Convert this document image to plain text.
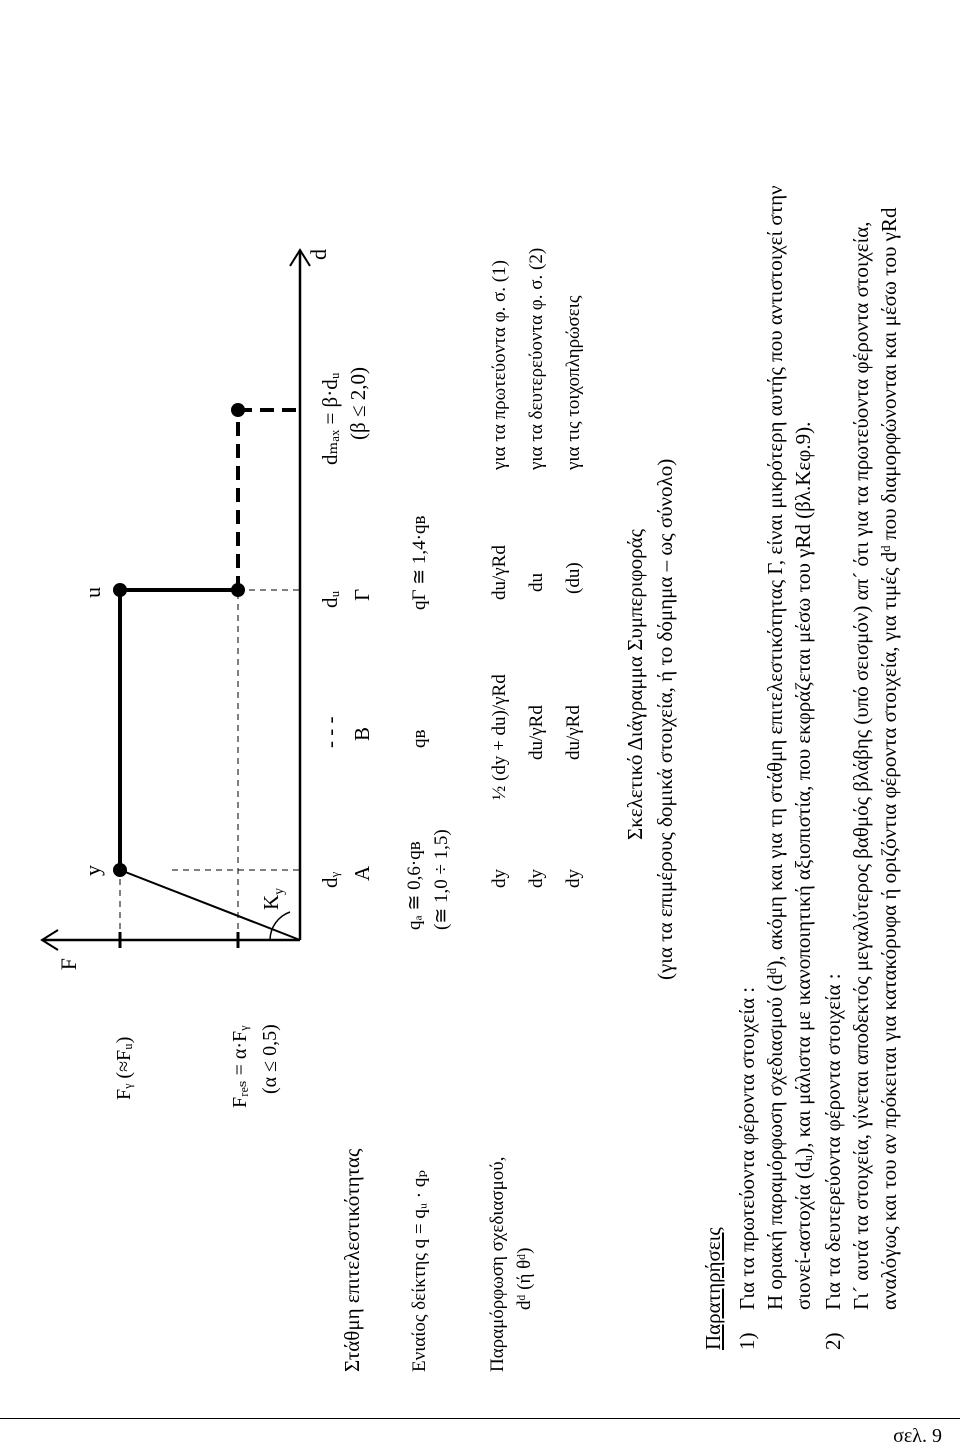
F
d
y
u
$K_y$
Fᵧ (≈Fᵤ)	Fᵣₑₛ = α·Fᵧ (α ≤ 0,5)
Στάθμη επιτελεστικότητας
dᵧ
- - -
dᵤ
dₘₐₓ = β·dᵤ (β ≤ 2,0)
A
B
Γ
Ενιαίος δείκτης q = qᵤ · qₚ
qₐ ≅ 0,6·qв (≅ 1,0 ÷ 1,5)
qв
qГ ≅ 1,4·qв
Παραμόρφωση σχεδιασμού, dᵈ (ή θᵈ)
dy
½ (dy + du)/γRd
du/γRd
για τα πρωτεύοντα φ. σ. (1)
dy
du/γRd
du
για τα δευτερεύοντα φ. σ. (2)
dy
du/γRd
(du)
για τις τοιχοπληρώσεις
Σκελετικό Διάγραμμα Συμπεριφοράς (για τα επιμέρους δομικά στοιχεία, ή το δόμημα – ως σύνολο)
Παρατηρήσεις 1)
Για τα πρωτεύοντα φέροντα στοιχεία : Η οριακή παραμόρφωση σχεδιασμού (dᵈ), ακόμη και για τη στάθμη επιτελεστικότητας Γ, είναι μικρότερη αυτής που αντιστοιχεί στην σιονεί-αστοχία (dᵤ), και μάλιστα με ικανοποιητική αξιοπιστία, που εκφράζεται μέσω του γRd (βλ.Κεφ.9).
2)
Για τα δευτερεύοντα φέροντα στοιχεία : Γι´ αυτά τα στοιχεία, γίνεται αποδεκτός μεγαλύτερος βαθμός βλάβης (υπό σεισμόν) απ´ ότι για τα πρωτεύοντα φέροντα στοιχεία, αναλόγως και του αν πρόκειται για κατακόρυφα ή οριζόντια φέροντα στοιχεία, για τιμές dᵈ που διαμορφώνονται και μέσω του γRd
σελ. 9
